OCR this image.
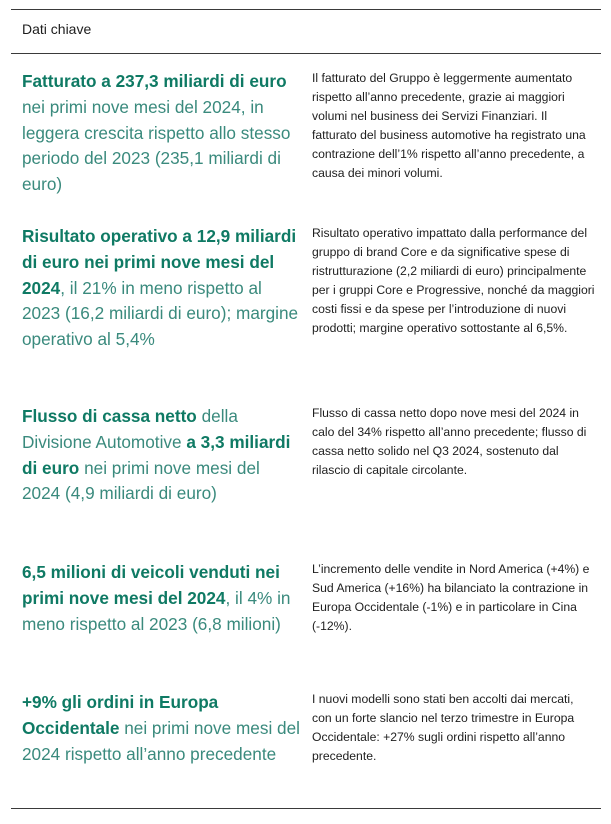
Dati chiave
Fatturato a 237,3 miliardi di euro nei primi nove mesi del 2024, in leggera crescita rispetto allo stesso periodo del 2023 (235,1 miliardi di euro)
Il fatturato del Gruppo è leggermente aumentato rispetto all’anno precedente, grazie ai maggiori volumi nel business dei Servizi Finanziari. Il fatturato del business automotive ha registrato una contrazione dell’1% rispetto all’anno precedente, a causa dei minori volumi.
Risultato operativo a 12,9 miliardi di euro nei primi nove mesi del 2024, il 21% in meno rispetto al 2023 (16,2 miliardi di euro); margine operativo al 5,4%
Risultato operativo impattato dalla performance del gruppo di brand Core e da significative spese di ristrutturazione (2,2 miliardi di euro) principalmente per i gruppi Core e Progressive, nonché da maggiori costi fissi e da spese per l’introduzione di nuovi prodotti; margine operativo sottostante al 6,5%.
Flusso di cassa netto della Divisione Automotive a 3,3 miliardi di euro nei primi nove mesi del 2024 (4,9 miliardi di euro)
Flusso di cassa netto dopo nove mesi del 2024 in calo del 34% rispetto all’anno precedente; flusso di cassa netto solido nel Q3 2024, sostenuto dal rilascio di capitale circolante.
6,5 milioni di veicoli venduti nei primi nove mesi del 2024, il 4% in meno rispetto al 2023 (6,8 milioni)
L’incremento delle vendite in Nord America (+4%) e Sud America (+16%) ha bilanciato la contrazione in Europa Occidentale (-1%) e in particolare in Cina (-12%).
+9% gli ordini in Europa Occidentale nei primi nove mesi del 2024 rispetto all’anno precedente
I nuovi modelli sono stati ben accolti dai mercati, con un forte slancio nel terzo trimestre in Europa Occidentale: +27% sugli ordini rispetto all’anno precedente.
